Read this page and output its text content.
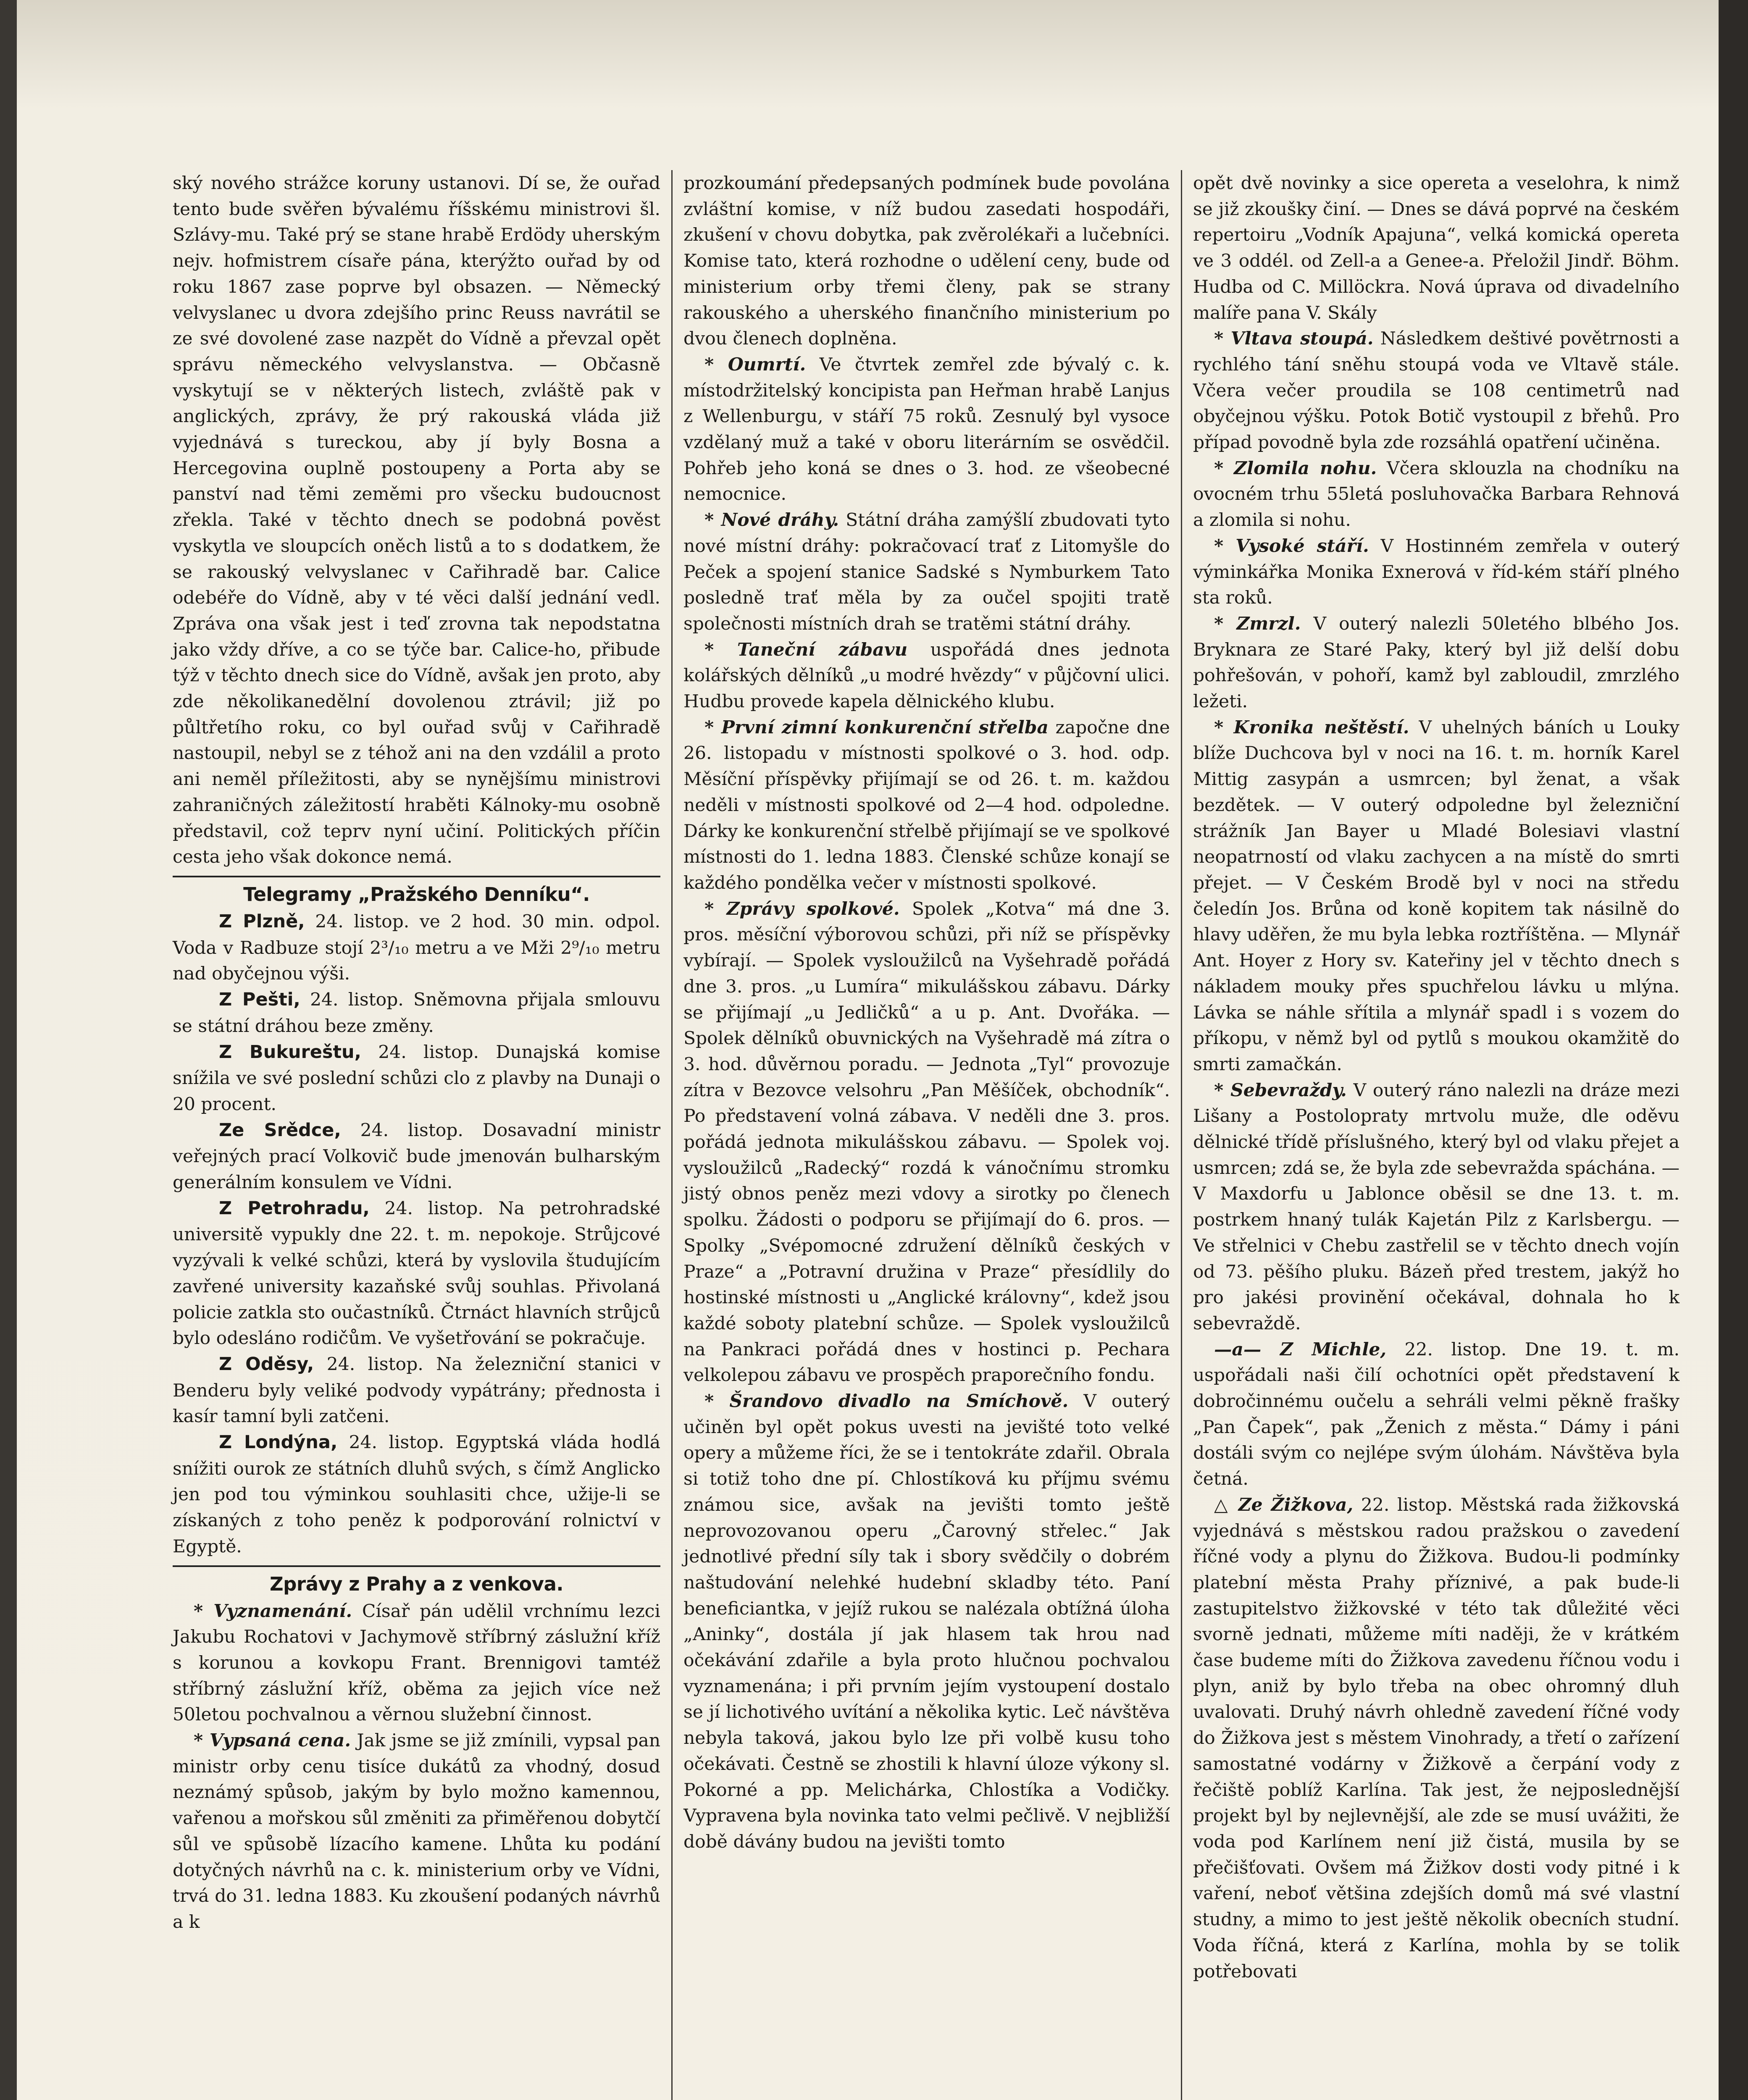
ský nového strážce koruny ustanovi. Dí se, že ouřad tento bude svěřen bývalému říšskému ministrovi šl. Szlávy-mu. Také prý se stane hrabě Erdödy uherským nejv. hofmistrem císaře pána, kterýžto ouřad by od roku 1867 zase poprve byl obsazen. — Německý velvyslanec u dvora zdejšího princ Reuss navrátil se ze své dovolené zase nazpět do Vídně a převzal opět správu německého velvyslanstva. — Občasně vyskytují se v některých listech, zvláště pak v anglických, zprávy, že prý rakouská vláda již vyjednává s tureckou, aby jí byly Bosna a Hercegovina ouplně postoupeny a Porta aby se panství nad těmi zeměmi pro všecku budoucnost zřekla. Také v těchto dnech se podobná pověst vyskytla ve sloupcích oněch listů a to s dodatkem, že se rakouský velvyslanec v Cařihradě bar. Calice odebéře do Vídně, aby v té věci další jednání vedl. Zpráva ona však jest i teď zrovna tak nepodstatna jako vždy dříve, a co se týče bar. Calice-ho, přibude týž v těchto dnech sice do Vídně, avšak jen proto, aby zde několikanedělní dovolenou ztrávil; již po půltřetího roku, co byl ouřad svůj v Cařihradě nastoupil, nebyl se z téhož ani na den vzdálil a proto ani neměl příležitosti, aby se nynějšímu ministrovi zahraničných záležitostí hraběti Kálnoky-mu osobně představil, což teprv nyní učiní. Politických příčin cesta jeho však dokonce nemá.

Telegramy „Pražského Denníku“.

Z Plzně, 24. listop. ve 2 hod. 30 min. odpol. Voda v Radbuze stojí 2³/₁₀ metru a ve Mži 2⁹/₁₀ metru nad obyčejnou výši.

Z Pešti, 24. listop. Sněmovna přijala smlouvu se státní dráhou beze změny.

Z Bukureštu, 24. listop. Dunajská komise snížila ve své poslední schůzi clo z plavby na Dunaji o 20 procent.

Ze Srědce, 24. listop. Dosavadní ministr veřejných prací Volkovič bude jmenován bulharským generálním konsulem ve Vídni.

Z Petrohradu, 24. listop. Na petrohradské universitě vypukly dne 22. t. m. nepokoje. Strůjcové vyzývali k velké schůzi, která by vyslovila študujícím zavřené university kazaňské svůj souhlas. Přivolaná policie zatkla sto oučastníků. Čtrnáct hlavních strůjců bylo odesláno rodičům. Ve vyšetřování se pokračuje.

Z Oděsy, 24. listop. Na železniční stanici v Benderu byly veliké podvody vypátrány; přednosta i kasír tamní byli zatčeni.

Z Londýna, 24. listop. Egyptská vláda hodlá snížiti ourok ze státních dluhů svých, s čímž Anglicko jen pod tou výminkou souhlasiti chce, užije-li se získaných z toho peněz k podporování rolnictví v Egyptě.

Zprávy z Prahy a z venkova.

* Vyznamenání. Císař pán udělil vrchnímu lezci Jakubu Rochatovi v Jachymově stříbrný záslužní kříž s korunou a kovkopu Frant. Brennigovi tamtéž stříbrný záslužní kříž, oběma za jejich více než 50letou pochvalnou a věrnou služební činnost.

* Vypsaná cena. Jak jsme se již zmínili, vypsal pan ministr orby cenu tisíce dukátů za vhodný, dosud neznámý spůsob, jakým by bylo možno kamennou, vařenou a mořskou sůl změniti za přiměřenou dobytčí sůl ve spůsobě lízacího kamene. Lhůta ku podání dotyčných návrhů na c. k. ministerium orby ve Vídni, trvá do 31. ledna 1883. Ku zkoušení podaných návrhů a k

prozkoumání předepsaných podmínek bude povolána zvláštní komise, v níž budou zasedati hospodáři, zkušení v chovu dobytka, pak zvěrolékaři a lučebníci. Komise tato, která rozhodne o udělení ceny, bude od ministerium orby třemi členy, pak se strany rakouského a uherského finančního ministerium po dvou členech doplněna.

* Oumrtí. Ve čtvrtek zemřel zde bývalý c. k. místodržitelský koncipista pan Heřman hrabě Lanjus z Wellenburgu, v stáří 75 roků. Zesnulý byl vysoce vzdělaný muž a také v oboru literárním se osvědčil. Pohřeb jeho koná se dnes o 3. hod. ze všeobecné nemocnice.

* Nové dráhy. Státní dráha zamýšlí zbudovati tyto nové místní dráhy: pokračovací trať z Litomyšle do Peček a spojení stanice Sadské s Nymburkem Tato posledně trať měla by za oučel spojiti tratě společnosti místních drah se tratěmi státní dráhy.

* Taneční zábavu uspořádá dnes jednota kolářských dělníků „u modré hvězdy“ v půjčovní ulici. Hudbu provede kapela dělnického klubu.

* První zimní konkurenční střelba započne dne 26. listopadu v místnosti spolkové o 3. hod. odp. Měsíční příspěvky přijímají se od 26. t. m. každou neděli v místnosti spolkové od 2—4 hod. odpoledne. Dárky ke konkurenční střelbě přijímají se ve spolkové místnosti do 1. ledna 1883. Členské schůze konají se každého pondělka večer v místnosti spolkové.

* Zprávy spolkové. Spolek „Kotva“ má dne 3. pros. měsíční výborovou schůzi, při níž se příspěvky vybírají. — Spolek vysloužilců na Vyšehradě pořádá dne 3. pros. „u Lumíra“ mikulášskou zábavu. Dárky se přijímají „u Jedličků“ a u p. Ant. Dvořáka. — Spolek dělníků obuvnických na Vyšehradě má zítra o 3. hod. důvěrnou poradu. — Jednota „Tyl“ provozuje zítra v Bezovce velsohru „Pan Měšíček, obchodník“. Po představení volná zábava. V neděli dne 3. pros. pořádá jednota mikulášskou zábavu. — Spolek voj. vysloužilců „Radecký“ rozdá k vánočnímu stromku jistý obnos peněz mezi vdovy a sirotky po členech spolku. Žádosti o podporu se přijímají do 6. pros. — Spolky „Svépomocné združení dělníků českých v Praze“ a „Potravní družina v Praze“ přesídlily do hostinské místnosti u „Anglické královny“, kdež jsou každé soboty platební schůze. — Spolek vysloužilců na Pankraci pořádá dnes v hostinci p. Pechara velkolepou zábavu ve prospěch praporečního fondu.

* Šrandovo divadlo na Smíchově. V outerý učiněn byl opět pokus uvesti na jevišté toto velké opery a můžeme říci, že se i tentokráte zdařil. Obrala si totiž toho dne pí. Chlostíková ku příjmu svému známou sice, avšak na jevišti tomto ještě neprovozovanou operu „Čarovný střelec.“ Jak jednotlivé přední síly tak i sbory svědčily o dobrém naštudování nelehké hudební skladby této. Paní beneficiantka, v jejíž rukou se nalézala obtížná úloha „Aninky“, dostála jí jak hlasem tak hrou nad očekávání zdařile a byla proto hlučnou pochvalou vyznamenána; i při prvním jejím vystoupení dostalo se jí lichotivého uvítání a několika kytic. Leč návštěva nebyla taková, jakou bylo lze při volbě kusu toho očekávati. Čestně se zhostili k hlavní úloze výkony sl. Pokorné a pp. Melichárka, Chlostíka a Vodičky. Vypravena byla novinka tato velmi pečlivě. V nejbližší době dávány budou na jevišti tomto

opět dvě novinky a sice opereta a veselohra, k nimž se již zkoušky činí. — Dnes se dává poprvé na českém repertoiru „Vodník Apajuna“, velká komická opereta ve 3 oddél. od Zell-a a Genee-a. Přeložil Jindř. Böhm. Hudba od C. Millöckra. Nová úprava od divadelního malíře pana V. Skály

* Vltava stoupá. Následkem deštivé povětrnosti a rychlého tání sněhu stoupá voda ve Vltavě stále. Včera večer proudila se 108 centimetrů nad obyčejnou výšku. Potok Botič vystoupil z břehů. Pro případ povodně byla zde rozsáhlá opatření učiněna.

* Zlomila nohu. Včera sklouzla na chodníku na ovocném trhu 55letá posluhovačka Barbara Rehnová a zlomila si nohu.

* Vysoké stáří. V Hostinném zemřela v outerý výminkářka Monika Exnerová v říd-kém stáří plného sta roků.

* Zmrzl. V outerý nalezli 50letého blbého Jos. Bryknara ze Staré Paky, který byl již delší dobu pohřešován, v pohoří, kamž byl zabloudil, zmrzlého ležeti.

* Kronika neštěstí. V uhelných báních u Louky blíže Duchcova byl v noci na 16. t. m. horník Karel Mittig zasypán a usmrcen; byl ženat, a však bezdětek. — V outerý odpoledne byl železniční strážník Jan Bayer u Mladé Bolesiavi vlastní neopatrností od vlaku zachycen a na místě do smrti přejet. — V Českém Brodě byl v noci na středu čeledín Jos. Brůna od koně kopitem tak násilně do hlavy uděřen, že mu byla lebka roztříštěna. — Mlynář Ant. Hoyer z Hory sv. Kateřiny jel v těchto dnech s nákladem mouky přes spuchřelou lávku u mlýna. Lávka se náhle sřítila a mlynář spadl i s vozem do příkopu, v němž byl od pytlů s moukou okamžitě do smrti zamačkán.

* Sebevraždy. V outerý ráno nalezli na dráze mezi Lišany a Postolopraty mrtvolu muže, dle oděvu dělnické třídě příslušného, který byl od vlaku přejet a usmrcen; zdá se, že byla zde sebevražda spáchána. — V Maxdorfu u Jablonce oběsil se dne 13. t. m. postrkem hnaný tulák Kajetán Pilz z Karlsbergu. — Ve střelnici v Chebu zastřelil se v těchto dnech vojín od 73. pěšího pluku. Bázeň před trestem, jakýž ho pro jakési provinění očekával, dohnala ho k sebevraždě.

—a— Z Michle, 22. listop. Dne 19. t. m. uspořádali naši čilí ochotníci opět představení k dobročinnému oučelu a sehráli velmi pěkně frašky „Pan Čapek“, pak „Ženich z města.“ Dámy i páni dostáli svým co nejlépe svým úlohám. Návštěva byla četná.

△ Ze Žižkova, 22. listop. Městská rada žižkovská vyjednává s městskou radou pražskou o zavedení říčné vody a plynu do Žižkova. Budou-li podmínky platební města Prahy příznivé, a pak bude-li zastupitelstvo žižkovské v této tak důležité věci svorně jednati, můžeme míti naději, že v krátkém čase budeme míti do Žižkova zavedenu říčnou vodu i plyn, aniž by bylo třeba na obec ohromný dluh uvalovati. Druhý návrh ohledně zavedení říčné vody do Žižkova jest s městem Vinohrady, a třetí o zařízení samostatné vodárny v Žižkově a čerpání vody z řečiště poblíž Karlína. Tak jest, že nejposlednější projekt byl by nejlevnější, ale zde se musí uvážiti, že voda pod Karlínem není již čistá, musila by se přečišťovati. Ovšem má Žižkov dosti vody pitné i k vaření, neboť většina zdejších domů má své vlastní studny, a mimo to jest ještě několik obecních studní. Voda říčná, která z Karlína, mohla by se tolik potřebovati
